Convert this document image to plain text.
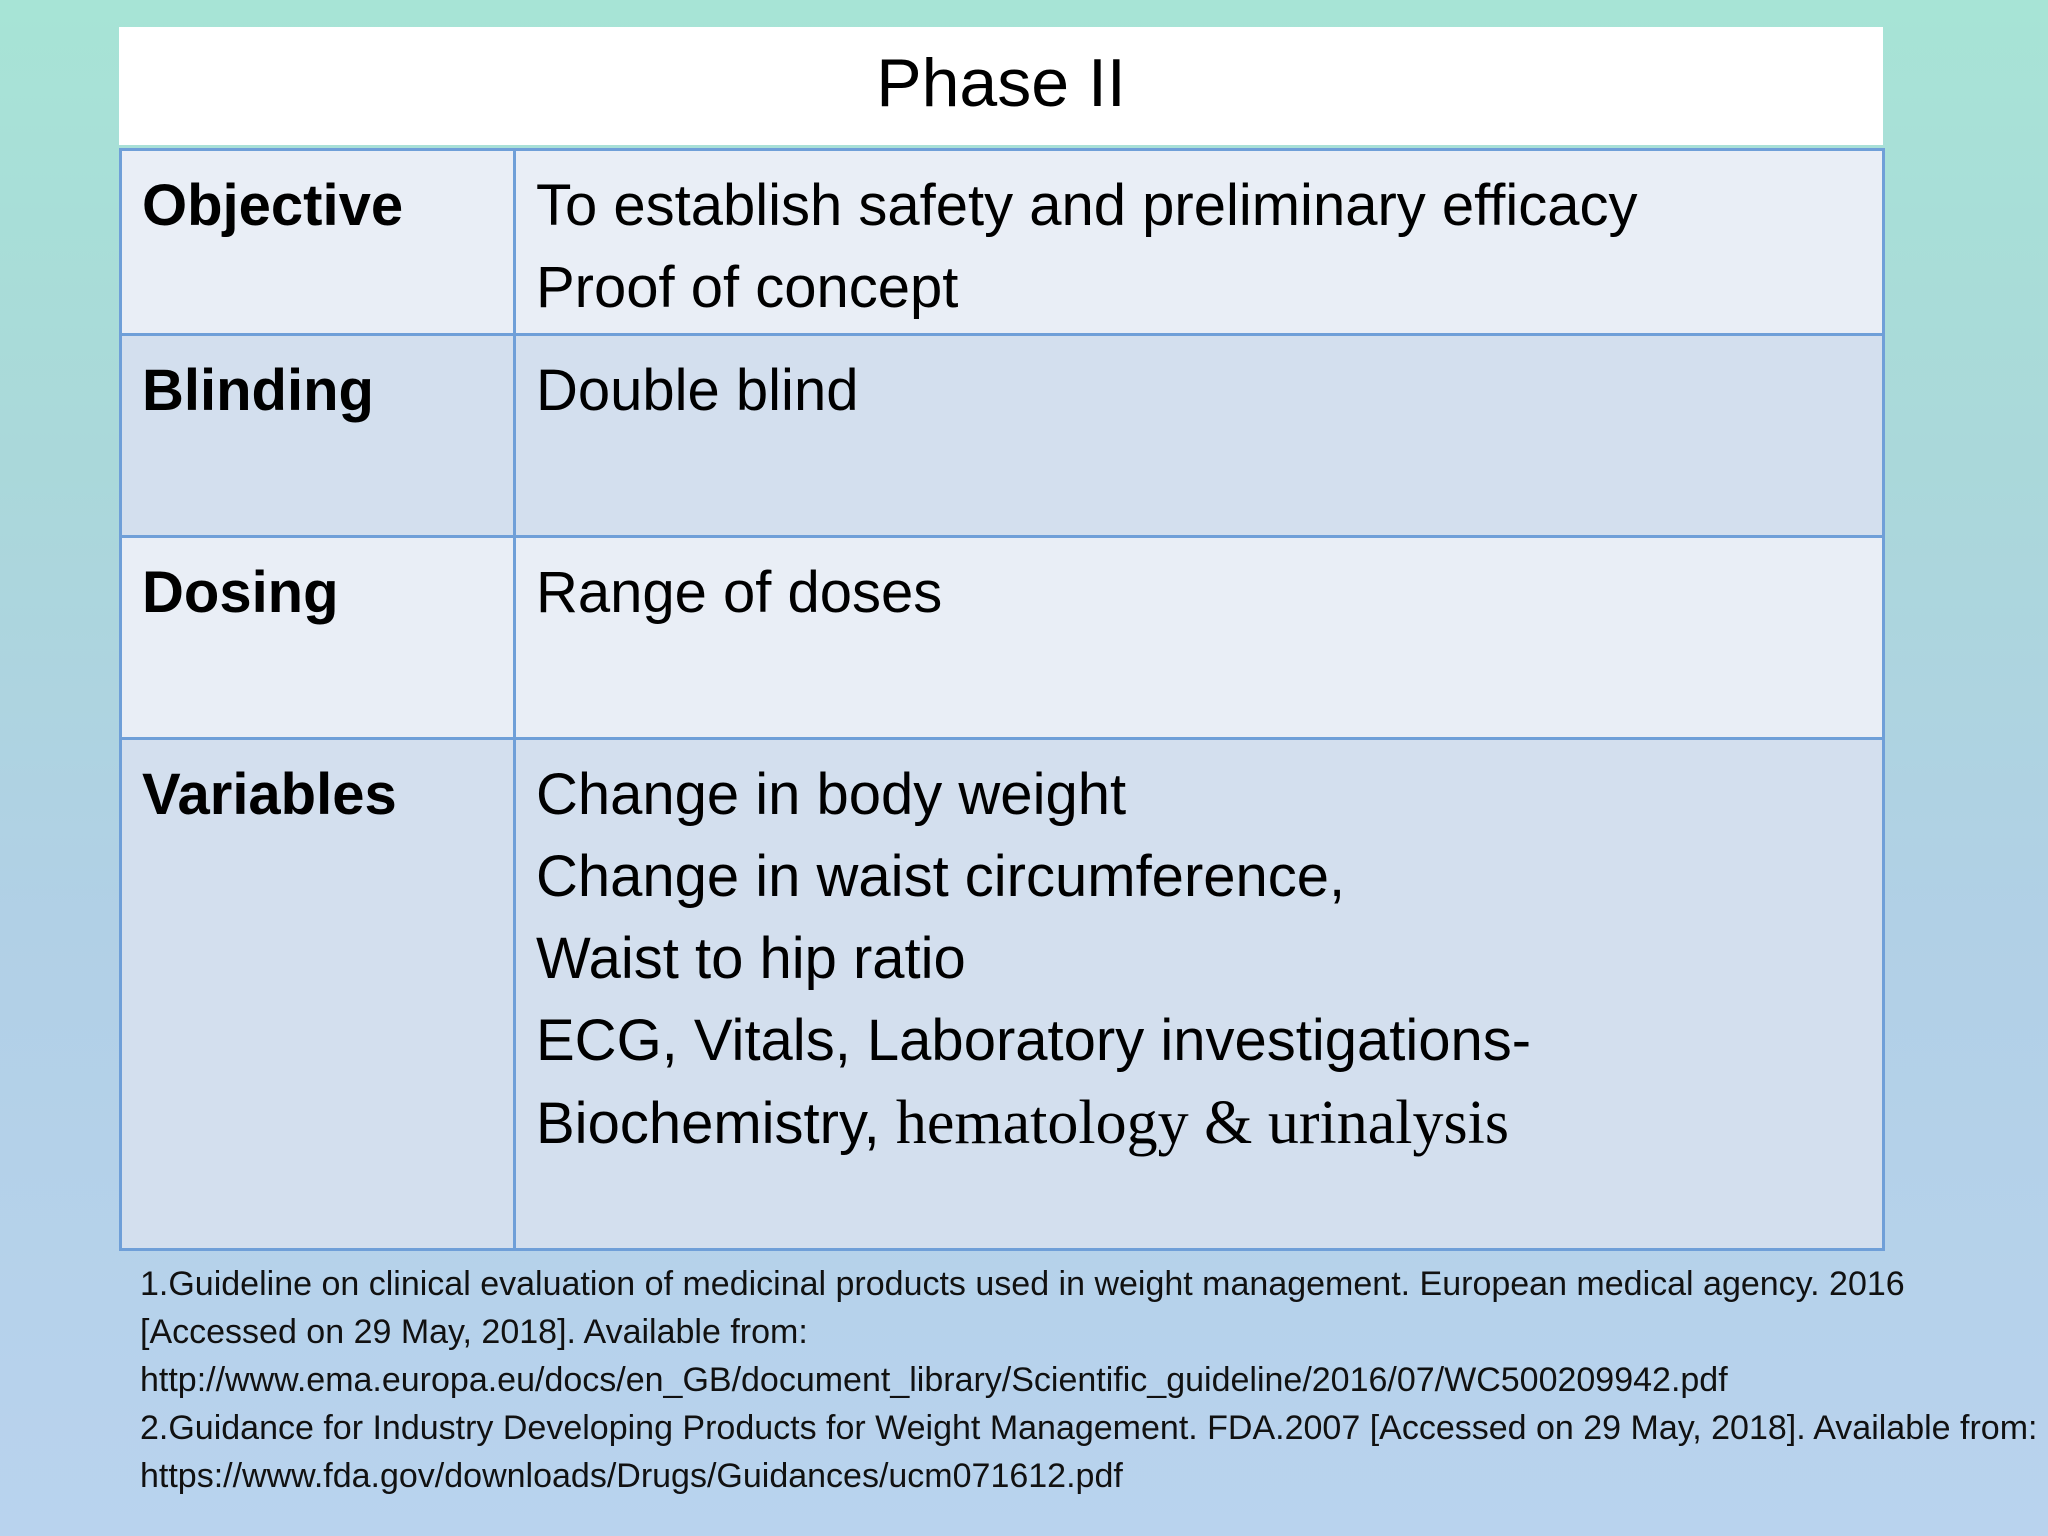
Phase II
Objective	To establish safety and preliminary efficacy
Proof of concept

Blinding	Double blind

Dosing	Range of doses

Variables	Change in body weight
Change in waist circumference,
Waist to hip ratio
ECG, Vitals, Laboratory investigations-
Biochemistry, hematology & urinalysis
1.Guideline on clinical evaluation of medicinal products used in weight management. European medical agency. 2016 [Accessed on 29 May, 2018]. Available from:
http://www.ema.europa.eu/docs/en_GB/document_library/Scientific_guideline/2016/07/WC500209942.pdf
2.Guidance for Industry Developing Products for Weight Management. FDA.2007 [Accessed on 29 May, 2018]. Available from:
https://www.fda.gov/downloads/Drugs/Guidances/ucm071612.pdf
